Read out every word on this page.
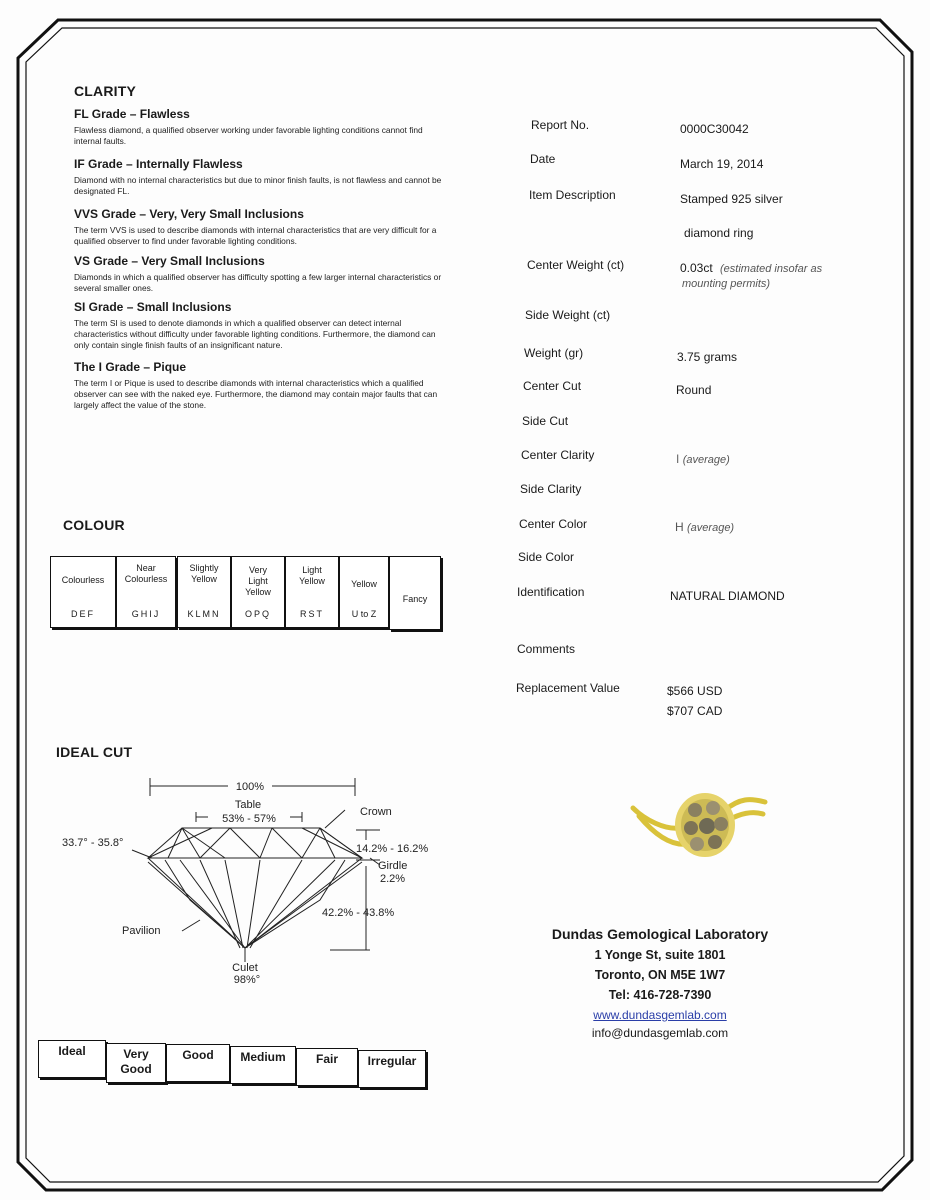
CLARITY
FL Grade – Flawless
Flawless diamond, a qualified observer working under favorable lighting conditions cannot find internal faults.
IF Grade – Internally Flawless
Diamond with no internal characteristics but due to minor finish faults, is not flawless and cannot be designated FL.
VVS Grade – Very, Very Small Inclusions
The term VVS is used to describe diamonds with internal characteristics that are very difficult for a qualified observer to find under favorable lighting conditions.
VS Grade – Very Small Inclusions
Diamonds in which a qualified observer has difficulty spotting a few larger internal characteristics or several smaller ones.
SI Grade – Small Inclusions
The term SI is used to denote diamonds in which a qualified observer can detect internal characteristics without difficulty under favorable lighting conditions. Furthermore, the diamond can only contain single finish faults of an insignificant nature.
The I Grade – Pique
The term I or Pique is used to describe diamonds with internal characteristics which a qualified observer can see with the naked eye. Furthermore, the diamond may contain major faults that can largely affect the value of the stone.
COLOUR
Colourless
DEF
Near Colourless
GHIJ
Slightly Yellow
KLMN
Very Light Yellow
OPQ
Light Yellow
RST
Yellow
U to Z
Fancy
IDEAL CUT
100%
Table
53% - 57%
Crown
33.7° - 35.8°	14.2% - 16.2%
Girdle
2.2%
42.2% - 43.8%
Pavilion
Culet
98%°
Ideal	Very Good
Good	Medium	Fair	Irregular
Report No.	0000C30042
Date	March 19, 2014
Item Description	Stamped 925 silver
diamond ring
Center Weight (ct)	0.03ct (estimated insofar as mounting permits)
Side Weight (ct)
Weight (gr)	3.75 grams
Center Cut	Round
Side Cut
Center Clarity	I (average)
Side Clarity
Center Color	H (average)
Side Color
Identification	NATURAL DIAMOND
Comments
Replacement Value	$566 USD
$707 CAD
Dundas Gemological Laboratory
1 Yonge St, suite 1801
Toronto, ON M5E 1W7
Tel: 416-728-7390
www.dundasgemlab.com
info@dundasgemlab.com
